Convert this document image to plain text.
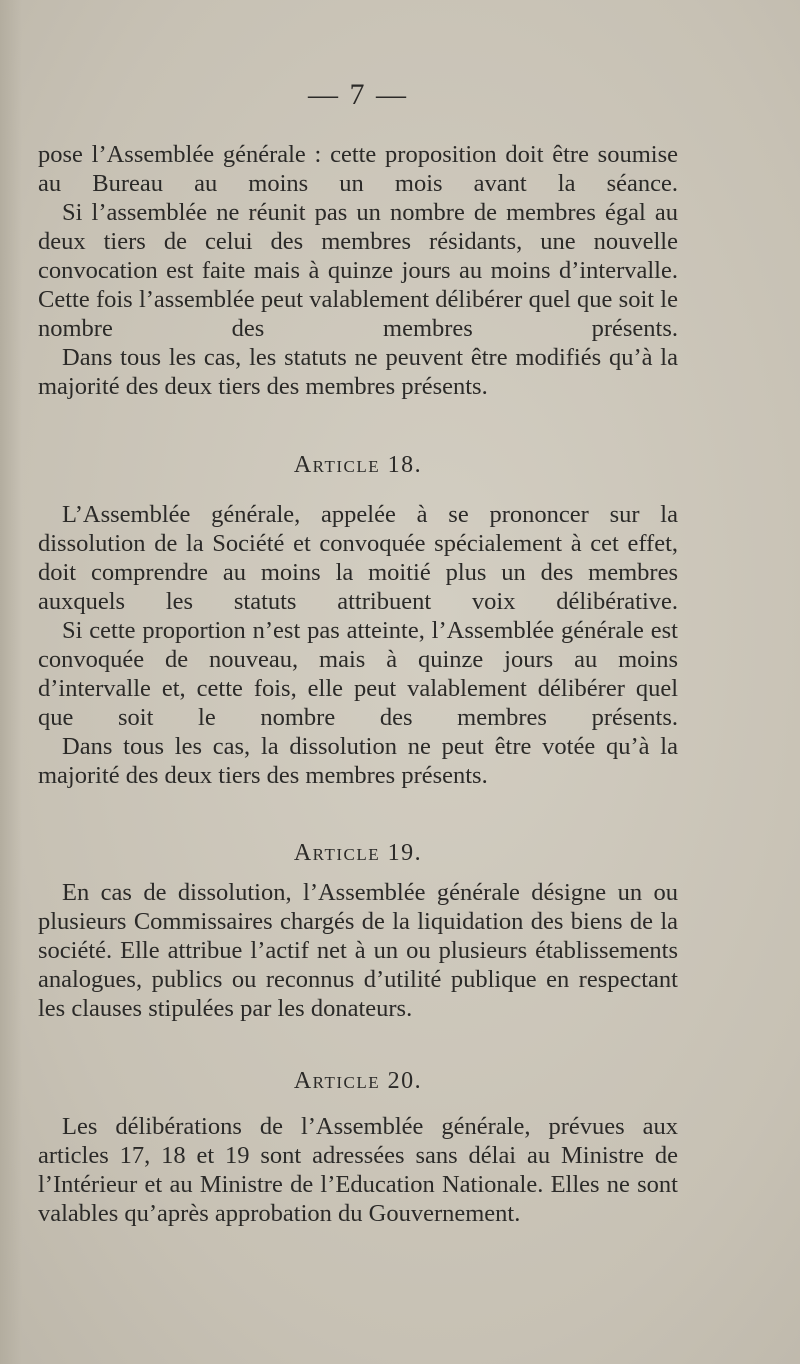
— 7 —

pose l’Assemblée générale : cette proposition doit être soumise au Bureau au moins un mois avant la séance.

Si l’assemblée ne réunit pas un nombre de membres égal au deux tiers de celui des membres résidants, une nouvelle convocation est faite mais à quinze jours au moins d’intervalle. Cette fois l’assemblée peut valablement délibérer quel que soit le nombre des membres présents.

Dans tous les cas, les statuts ne peuvent être modifiés qu’à la majorité des deux tiers des membres présents.

Article 18.

L’Assemblée générale, appelée à se prononcer sur la dissolution de la Société et convoquée spécialement à cet effet, doit comprendre au moins la moitié plus un des membres auxquels les statuts attribuent voix délibérative.

Si cette proportion n’est pas atteinte, l’Assemblée générale est convoquée de nouveau, mais à quinze jours au moins d’intervalle et, cette fois, elle peut valablement délibérer quel que soit le nombre des membres présents.

Dans tous les cas, la dissolution ne peut être votée qu’à la majorité des deux tiers des membres présents.

Article 19.

En cas de dissolution, l’Assemblée générale désigne un ou plusieurs Commissaires chargés de la liquidation des biens de la société. Elle attribue l’actif net à un ou plusieurs établissements analogues, publics ou reconnus d’utilité publique en respectant les clauses stipulées par les donateurs.

Article 20.

Les délibérations de l’Assemblée générale, prévues aux articles 17, 18 et 19 sont adressées sans délai au Ministre de l’Intérieur et au Ministre de l’Education Nationale. Elles ne sont valables qu’après approbation du Gouvernement.
